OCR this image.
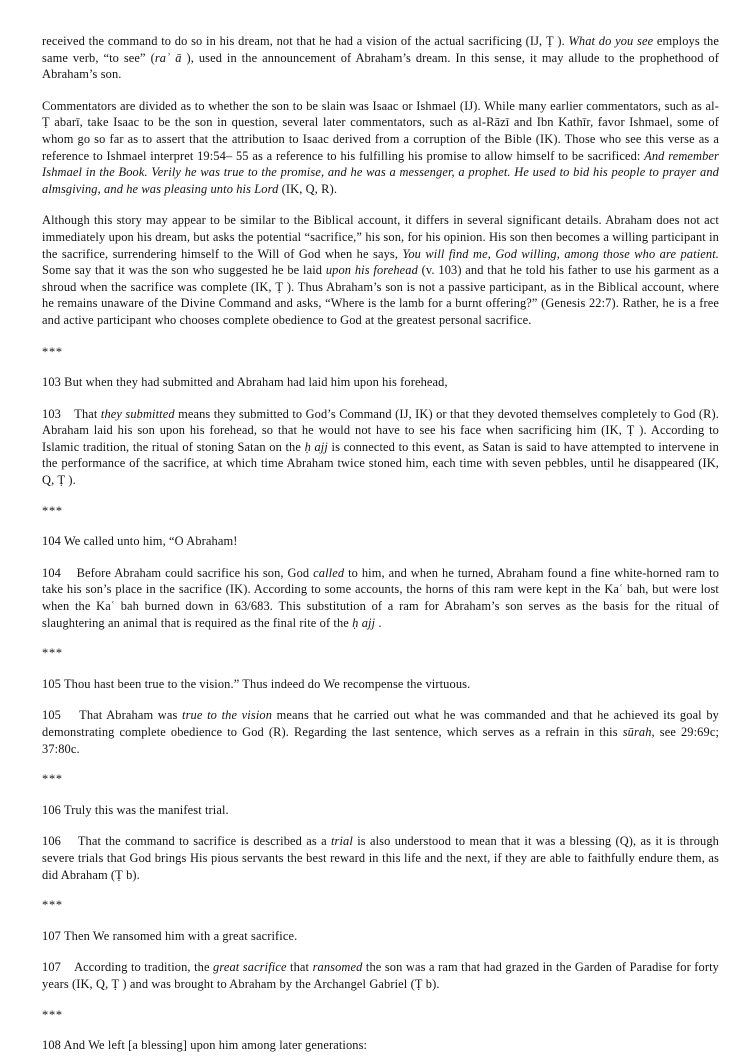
received the command to do so in his dream, not that he had a vision of the actual sacrificing (IJ, Ṭ ). What do you see employs the same verb, “to see” (raʾ ā ), used in the announcement of Abraham’s dream. In this sense, it may allude to the prophethood of Abraham’s son.
Commentators are divided as to whether the son to be slain was Isaac or Ishmael (IJ). While many earlier commentators, such as al-Ṭ abarī, take Isaac to be the son in question, several later commentators, such as al-Rāzī and Ibn Kathīr, favor Ishmael, some of whom go so far as to assert that the attribution to Isaac derived from a corruption of the Bible (IK). Those who see this verse as a reference to Ishmael interpret 19:54– 55 as a reference to his fulfilling his promise to allow himself to be sacrificed: And remember Ishmael in the Book. Verily he was true to the promise, and he was a messenger, a prophet. He used to bid his people to prayer and almsgiving, and he was pleasing unto his Lord (IK, Q, R).
Although this story may appear to be similar to the Biblical account, it differs in several significant details. Abraham does not act immediately upon his dream, but asks the potential “sacrifice,” his son, for his opinion. His son then becomes a willing participant in the sacrifice, surrendering himself to the Will of God when he says, You will find me, God willing, among those who are patient. Some say that it was the son who suggested he be laid upon his forehead (v. 103) and that he told his father to use his garment as a shroud when the sacrifice was complete (IK, Ṭ ). Thus Abraham’s son is not a passive participant, as in the Biblical account, where he remains unaware of the Divine Command and asks, “Where is the lamb for a burnt offering?” (Genesis 22:7). Rather, he is a free and active participant who chooses complete obedience to God at the greatest personal sacrifice.
***
103 But when they had submitted and Abraham had laid him upon his forehead,
103 That they submitted means they submitted to God’s Command (IJ, IK) or that they devoted themselves completely to God (R). Abraham laid his son upon his forehead, so that he would not have to see his face when sacrificing him (IK, Ṭ ). According to Islamic tradition, the ritual of stoning Satan on the ḥ ajj is connected to this event, as Satan is said to have attempted to intervene in the performance of the sacrifice, at which time Abraham twice stoned him, each time with seven pebbles, until he disappeared (IK, Q, Ṭ ).
***
104 We called unto him, “O Abraham!
104 Before Abraham could sacrifice his son, God called to him, and when he turned, Abraham found a fine white-horned ram to take his son’s place in the sacrifice (IK). According to some accounts, the horns of this ram were kept in the Kaʿ bah, but were lost when the Kaʿ bah burned down in 63/683. This substitution of a ram for Abraham’s son serves as the basis for the ritual of slaughtering an animal that is required as the final rite of the ḥ ajj .
***
105 Thou hast been true to the vision.” Thus indeed do We recompense the virtuous.
105 That Abraham was true to the vision means that he carried out what he was commanded and that he achieved its goal by demonstrating complete obedience to God (R). Regarding the last sentence, which serves as a refrain in this sūrah, see 29:69c; 37:80c.
***
106 Truly this was the manifest trial.
106 That the command to sacrifice is described as a trial is also understood to mean that it was a blessing (Q), as it is through severe trials that God brings His pious servants the best reward in this life and the next, if they are able to faithfully endure them, as did Abraham (Ṭ b).
***
107 Then We ransomed him with a great sacrifice.
107 According to tradition, the great sacrifice that ransomed the son was a ram that had grazed in the Garden of Paradise for forty years (IK, Q, Ṭ ) and was brought to Abraham by the Archangel Gabriel (Ṭ b).
***
108 And We left [a blessing] upon him among later generations:
